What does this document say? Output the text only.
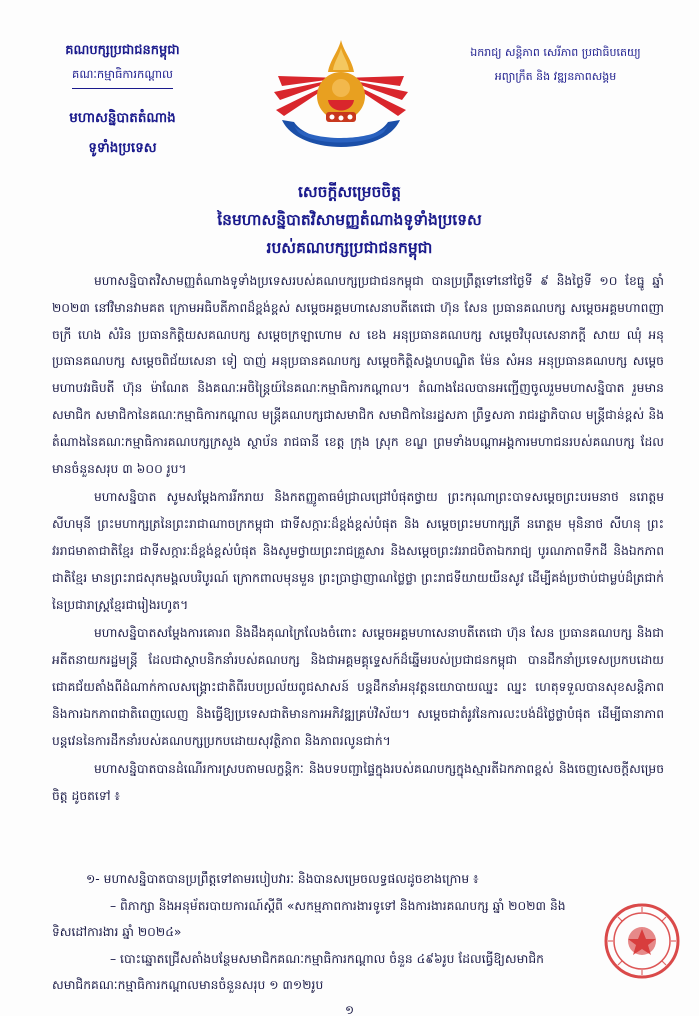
គណបក្សប្រជាជនកម្ពុជា
គណៈកម្មាធិការកណ្តាល
មហាសន្និបាតតំណាង
ទូទាំងប្រទេស
ឯករាជ្យ សន្តិភាព សេរីភាព ប្រជាធិបតេយ្យ
អព្យាក្រឹត និង វឌ្ឍនភាពសង្គម
សេចក្តីសម្រេចចិត្ត
នៃមហាសន្និបាតវិសាមញ្ញតំណាងទូទាំងប្រទេស
របស់គណបក្សប្រជាជនកម្ពុជា

មហាសន្និបាតវិសាមញ្ញតំណាងទូទាំងប្រទេសរបស់គណបក្សប្រជាជនកម្ពុជា បានប្រព្រឹត្តទៅនៅថ្ងៃទី ៩ និងថ្ងៃទី ១០ ខែធ្នូ ឆ្នាំ ២០២៣ នៅវិមានវាមគត ក្រោមអធិបតីភាពដ៏ខ្ពង់ខ្ពស់ សម្តេចអគ្គមហាសេនាបតីតេជោ ហ៊ុន សែន ប្រធានគណបក្ស សម្តេចអគ្គមហាពញាចក្រី ហេង សំរិន ប្រធានកិត្តិយសគណបក្ស សម្តេចក្រឡាហោម ស ខេង អនុប្រធានគណបក្ស សម្តេចវិបុលសេនាភក្តី សាយ ឈុំ អនុប្រធានគណបក្ស សម្តេចពិជ័យសេនា ទៀ បាញ់ អនុប្រធានគណបក្ស សម្តេចកិត្តិសង្គហបណ្ឌិត ម៉ែន សំអន អនុប្រធានគណបក្ស សម្តេចមហាបវរធិបតី ហ៊ុន ម៉ាណែត និងគណៈអចិន្ត្រៃយ៍នៃគណៈកម្មាធិការកណ្តាល។ តំណាងដែលបានអញ្ជើញចូលរួមមហាសន្និបាត រួមមាន សមាជិក សមាជិកានៃគណៈកម្មាធិការកណ្តាល មន្ត្រីគណបក្សជាសមាជិក សមាជិកានៃរដ្ឋសភា ព្រឹទ្ធសភា រាជរដ្ឋាភិបាល មន្ត្រីជាន់ខ្ពស់ និងតំណាងនៃគណៈកម្មាធិការគណបក្សក្រសួង ស្ថាប័ន រាជធានី ខេត្ត ក្រុង ស្រុក ខណ្ឌ ព្រមទាំងបណ្តាអង្គការមហាជនរបស់គណបក្ស ដែលមានចំនួនសរុប ៣ ៦០០ រូប។

មហាសន្និបាត សូមសម្តែងការរីករាយ និងកតញ្ញូតាធម៌ជ្រាលជ្រៅបំផុតថ្វាយ ព្រះករុណាព្រះបាទសម្តេចព្រះបរមនាថ នរោត្តម សីហមុនី ព្រះមហាក្សត្រនៃព្រះរាជាណាចក្រកម្ពុជា ជាទីសក្ការៈដ៏ខ្ពង់ខ្ពស់បំផុត និង សម្តេចព្រះមហាក្សត្រី នរោត្តម មុនិនាថ សីហនុ ព្រះវររាជមាតាជាតិខ្មែរ ជាទីសក្ការៈដ៏ខ្ពង់ខ្ពស់បំផុត និងសូមថ្វាយព្រះរាជគ្រួសារ និងសម្តេចព្រះវររាជបិតាឯករាជ្យ បូរណភាពទឹកដី និងឯកភាពជាតិខ្មែរ មានព្រះរាជសុភមង្គលបរិបូរណ៍ ក្រោកពាលមុនមួន ព្រះប្រាជ្ញាញាណថ្លៃថ្លា ព្រះរាជទីយាយយីនសូវ ដើម្បីគង់ប្រថាប់ជាម្លប់ដ៏ត្រជាក់នៃប្រជារាស្ត្រខ្មែរជារៀងរហូត។

មហាសន្និបាតសម្តែងការគោរព និងដឹងគុណក្រៃលែងចំពោះ សម្តេចអគ្គមហាសេនាបតីតេជោ ហ៊ុន សែន ប្រធានគណបក្ស និងជាអតីតនាយករដ្ឋមន្ត្រី ដែលជាស្ថាបនិកនាំរបស់គណបក្ស និងជាអគ្គមគ្គុទ្ទេសក៍ដ៏ឆ្នើមរបស់ប្រជាជនកម្ពុជា បានដឹកនាំប្រទេសប្រកបដោយជោគជ័យតាំងពីដំណាក់កាលសង្គ្រោះជាតិពីរបបប្រល័យពូជសាសន៍ បន្តដឹកនាំអនុវត្តនយោបាយឈ្នះ ឈ្នះ ហេតុទទួលបានសុខសន្តិភាព និងការឯកភាពជាតិពេញលេញ និងធ្វើឱ្យប្រទេសជាតិមានការអភិវឌ្ឍគ្រប់វិស័យ។ សម្តេចជាតំរូវនៃការលះបង់ដ៏ថ្លៃថ្លាបំផុត ដើម្បីធានាភាពបន្តវេននៃការដឹកនាំរបស់គណបក្សប្រកបដោយសុវត្ថិភាព និងភាពរលូនជាក់។

មហាសន្និបាតបានដំណើរការស្របតាមលក្ខន្តិកៈ និងបទបញ្ជាផ្ទៃក្នុងរបស់គណបក្សក្នុងស្មារតីឯកភាពខ្ពស់ និងចេញសេចក្តីសម្រេចចិត្ត ដូចតទៅ ៖

១- មហាសន្និបាតបានប្រព្រឹត្តទៅតាមរបៀបវារៈ និងបានសម្រេចលទ្ធផលដូចខាងក្រោម ៖
– ពិភាក្សា និងអនុម័តរបាយការណ៍ស្តីពី «សកម្មភាពការងារទូទៅ និងការងារគណបក្ស ឆ្នាំ ២០២៣ និង
ទិសដៅការងារ ឆ្នាំ ២០២៤»
– បោះឆ្នោតជ្រើសតាំងបន្ថែមសមាជិកគណៈកម្មាធិការកណ្តាល ចំនួន ៤៩៦រូប ដែលធ្វើឱ្យសមាជិក
សមាជិកគណៈកម្មាធិការកណ្តាលមានចំនួនសរុប ១ ៣១២រូប
១
